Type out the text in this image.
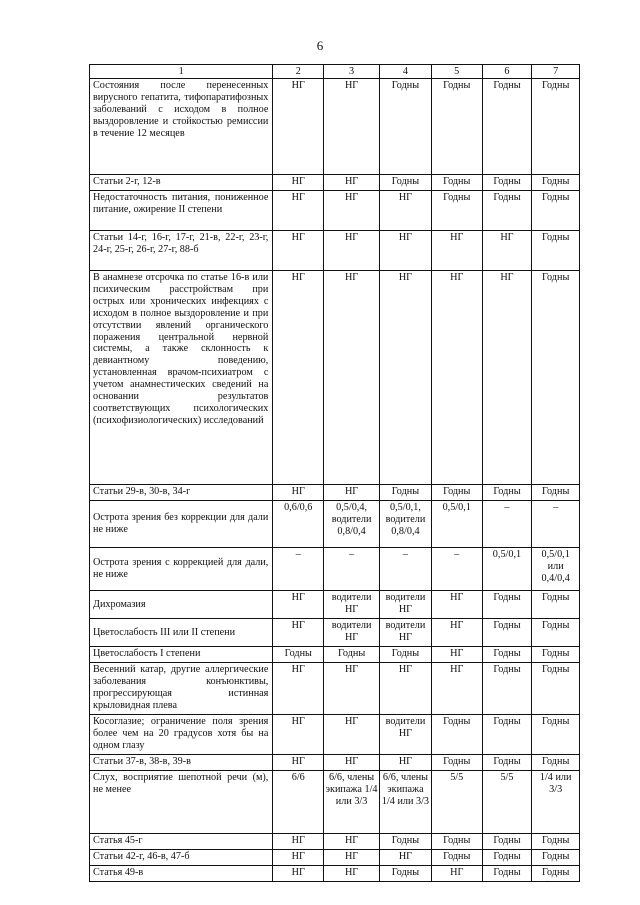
6
1	2	3	4	5	6	7
Состояния после перенесенных вирусного гепатита, тифопаратифозных заболеваний с исходом в полное выздоровление и стойкостью ремиссии в течение 12 месяцев	НГ	НГ	Годны	Годны	Годны	Годны
Статьи 2-г, 12-в	НГ	НГ	Годны	Годны	Годны	Годны
Недостаточность питания, пониженное питание, ожирение II степени	НГ	НГ	НГ	Годны	Годны	Годны
Статьи 14-г, 16-г, 17-г, 21-в, 22-г, 23-г, 24-г, 25-г, 26-г, 27-г, 88-б	НГ	НГ	НГ	НГ	НГ	Годны
В анамнезе отсрочка по статье 16-в или психическим расстройствам при острых или хронических инфекциях с исходом в полное выздоровление и при отсутствии явлений органического поражения центральной нервной системы, а также склонность к девиантному поведению, установленная врачом-психиатром с учетом анамнестических сведений на основании результатов соответствующих психологических (психофизиологических) исследований	НГ	НГ	НГ	НГ	НГ	Годны
Статьи 29-в, 30-в, 34-г	НГ	НГ	Годны	Годны	Годны	Годны
Острота зрения без коррекции для дали не ниже	0,6/0,6	0,5/0,4, водители 0,8/0,4	0,5/0,1, водители 0,8/0,4	0,5/0,1	–	–
Острота зрения с коррекцией для дали, не ниже	–	–	–	–	0,5/0,1	0,5/0,1 или 0,4/0,4
Дихромазия	НГ	водители НГ	водители НГ	НГ	Годны	Годны
Цветослабость III или II степени	НГ	водители НГ	водители НГ	НГ	Годны	Годны
Цветослабость I степени	Годны	Годны	Годны	НГ	Годны	Годны
Весенний катар, другие аллергические заболевания конъюнктивы, прогрессирующая истинная крыловидная плева	НГ	НГ	НГ	НГ	Годны	Годны
Косоглазие; ограничение поля зрения более чем на 20 градусов хотя бы на одном глазу	НГ	НГ	водители НГ	Годны	Годны	Годны
Статьи 37-в, 38-в, 39-в	НГ	НГ	НГ	Годны	Годны	Годны
Слух, восприятие шепотной речи (м), не менее	6/6	6/6, члены экипажа 1/4 или 3/3	6/6, члены экипажа 1/4 или 3/3	5/5	5/5	1/4 или 3/3
Статья 45-г	НГ	НГ	Годны	Годны	Годны	Годны
Статьи 42-г, 46-в, 47-б	НГ	НГ	НГ	Годны	Годны	Годны
Статья 49-в	НГ	НГ	Годны	НГ	Годны	Годны
·
·
